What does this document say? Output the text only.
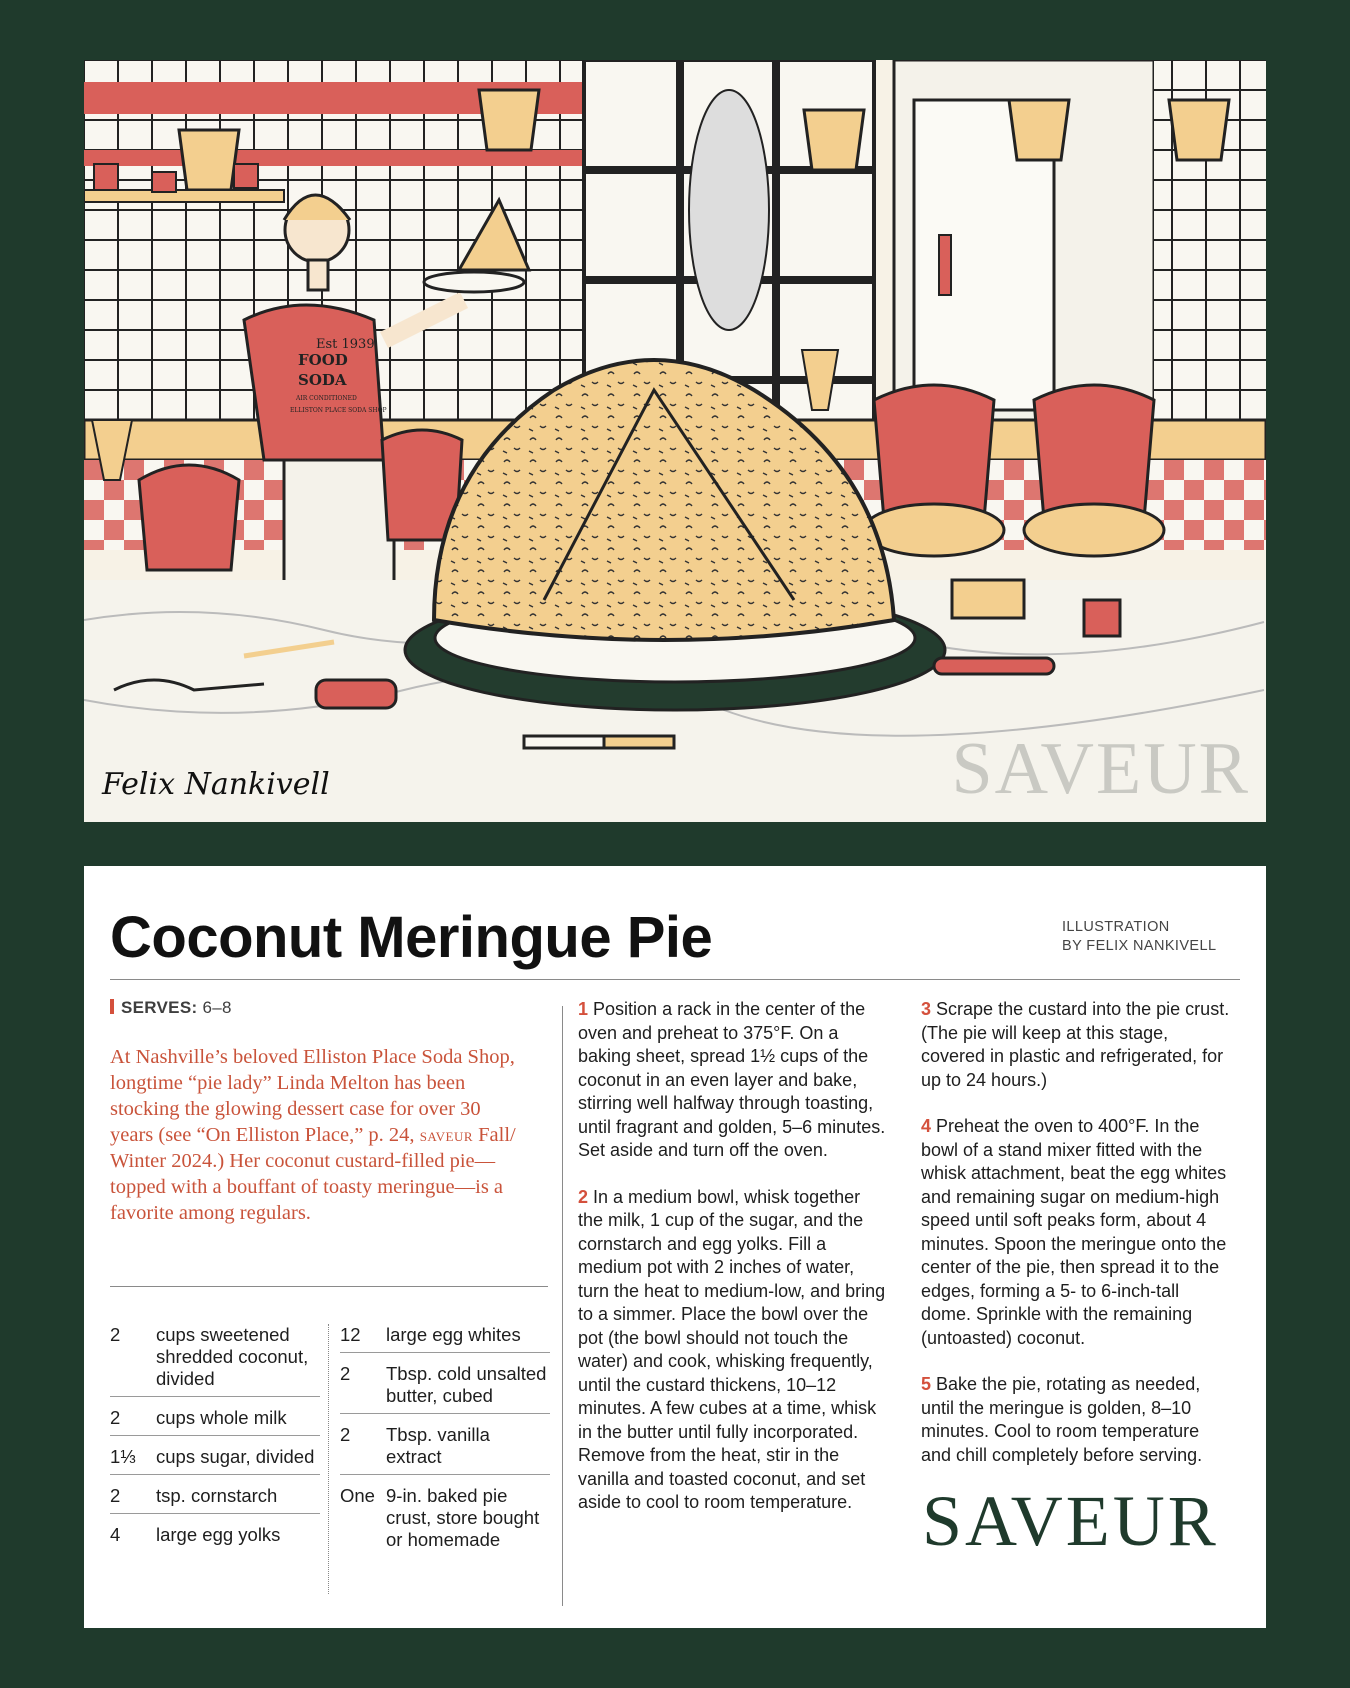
Est 1939
FOOD
SODA
AIR CONDITIONED
ELLISTON PLACE SODA SHOP
Felix Nankivell	SAVEUR
Coconut Meringue Pie	ILLUSTRATION
BY FELIX NANKIVELL
SERVES: 6–8

At Nashville’s beloved Elliston Place Soda Shop, longtime “pie lady” Linda Melton has been stocking the glowing dessert case for over 30 years (see “On Elliston Place,” p. 24, saveur Fall/ Winter 2024.) Her coconut custard-filled pie—topped with a bouffant of toasty meringue—is a favorite among regulars.

2	cups sweetened shredded coconut, divided
2	cups whole milk
1⅓	cups sugar, divided
2	tsp. cornstarch
4	large egg yolks
12	large egg whites
2	Tbsp. cold unsalted butter, cubed
2	Tbsp. vanilla extract
One 9-in. baked pie crust, store bought or homemade

1 Position a rack in the center of the oven and preheat to 375°F. On a baking sheet, spread 1½ cups of the coconut in an even layer and bake, stirring well halfway through toasting, until fragrant and golden, 5–6 minutes. Set aside and turn off the oven.

2 In a medium bowl, whisk together the milk, 1 cup of the sugar, and the cornstarch and egg yolks. Fill a medium pot with 2 inches of water, turn the heat to medium-low, and bring to a simmer. Place the bowl over the pot (the bowl should not touch the water) and cook, whisking frequently, until the custard thickens, 10–12 minutes. A few cubes at a time, whisk in the butter until fully incorporated. Remove from the heat, stir in the vanilla and toasted coconut, and set aside to cool to room temperature.

3 Scrape the custard into the pie crust. (The pie will keep at this stage, covered in plastic and refrigerated, for up to 24 hours.)

4 Preheat the oven to 400°F. In the bowl of a stand mixer fitted with the whisk attachment, beat the egg whites and remaining sugar on medium-high speed until soft peaks form, about 4 minutes. Spoon the meringue onto the center of the pie, then spread it to the edges, forming a 5- to 6-inch-tall dome. Sprinkle with the remaining (untoasted) coconut.

5 Bake the pie, rotating as needed, until the meringue is golden, 8–10 minutes. Cool to room temperature and chill completely before serving.

SAVEUR
